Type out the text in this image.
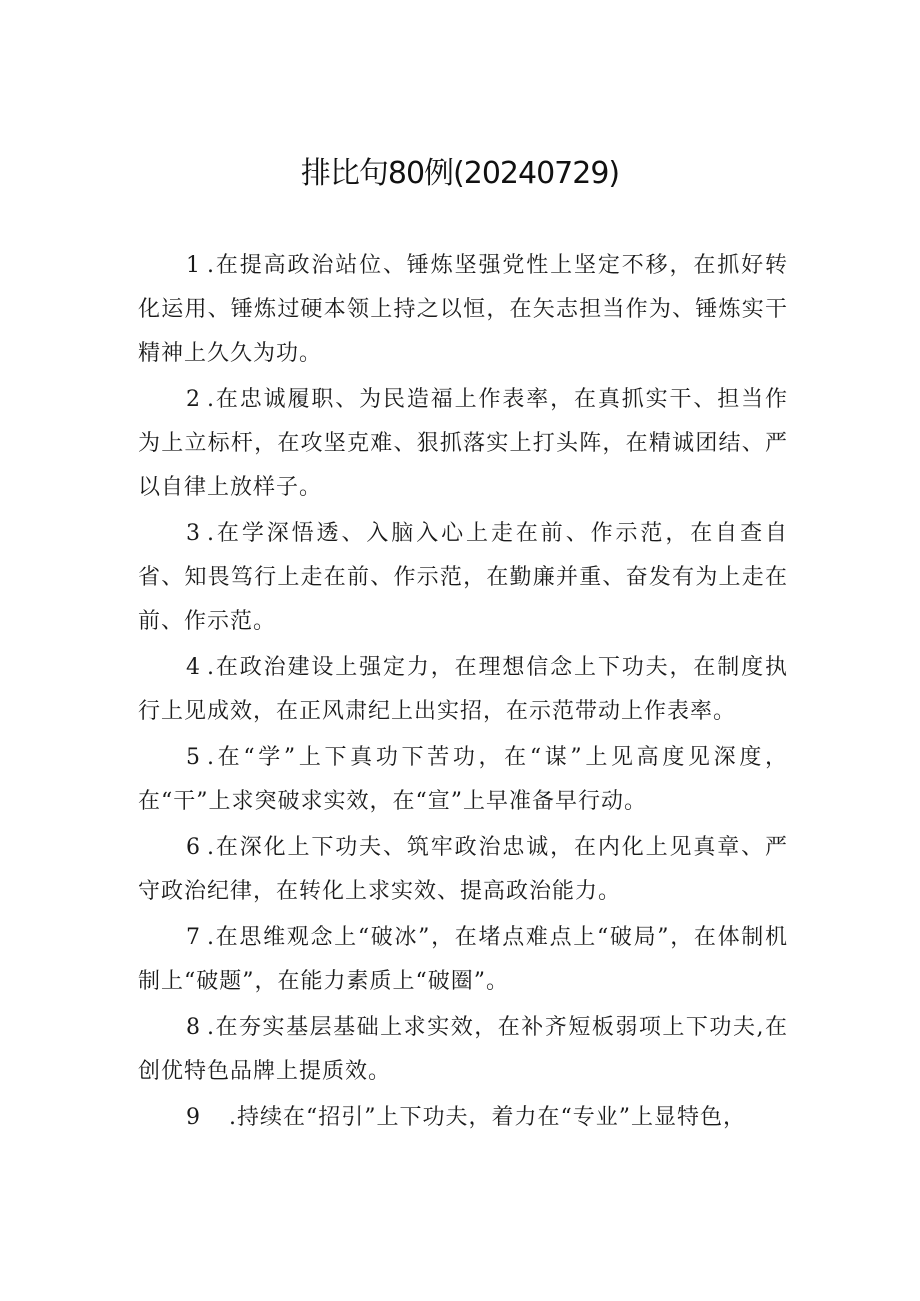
排比句80例(20240729)

1 .在提高政治站位、锤炼坚强党性上坚定不移，在抓好转化运用、锤炼过硬本领上持之以恒，在矢志担当作为、锤炼实干精神上久久为功。

2 .在忠诚履职、为民造福上作表率，在真抓实干、担当作为上立标杆，在攻坚克难、狠抓落实上打头阵，在精诚团结、严以自律上放样子。

3 .在学深悟透、入脑入心上走在前、作示范，在自查自省、知畏笃行上走在前、作示范，在勤廉并重、奋发有为上走在前、作示范。

4 .在政治建设上强定力，在理想信念上下功夫，在制度执行上见成效，在正风肃纪上出实招，在示范带动上作表率。

5 .在“学”上下真功下苦功，在“谋”上见高度见深度，在“干”上求突破求实效，在“宣”上早准备早行动。

6 .在深化上下功夫、筑牢政治忠诚，在内化上见真章、严守政治纪律，在转化上求实效、提高政治能力。

7 .在思维观念上“破冰”，在堵点难点上“破局”，在体制机制上“破题”，在能力素质上“破圈”。

8 .在夯实基层基础上求实效，在补齐短板弱项上下功夫,在创优特色品牌上提质效。

9 .持续在“招引”上下功夫，着力在“专业”上显特色，
